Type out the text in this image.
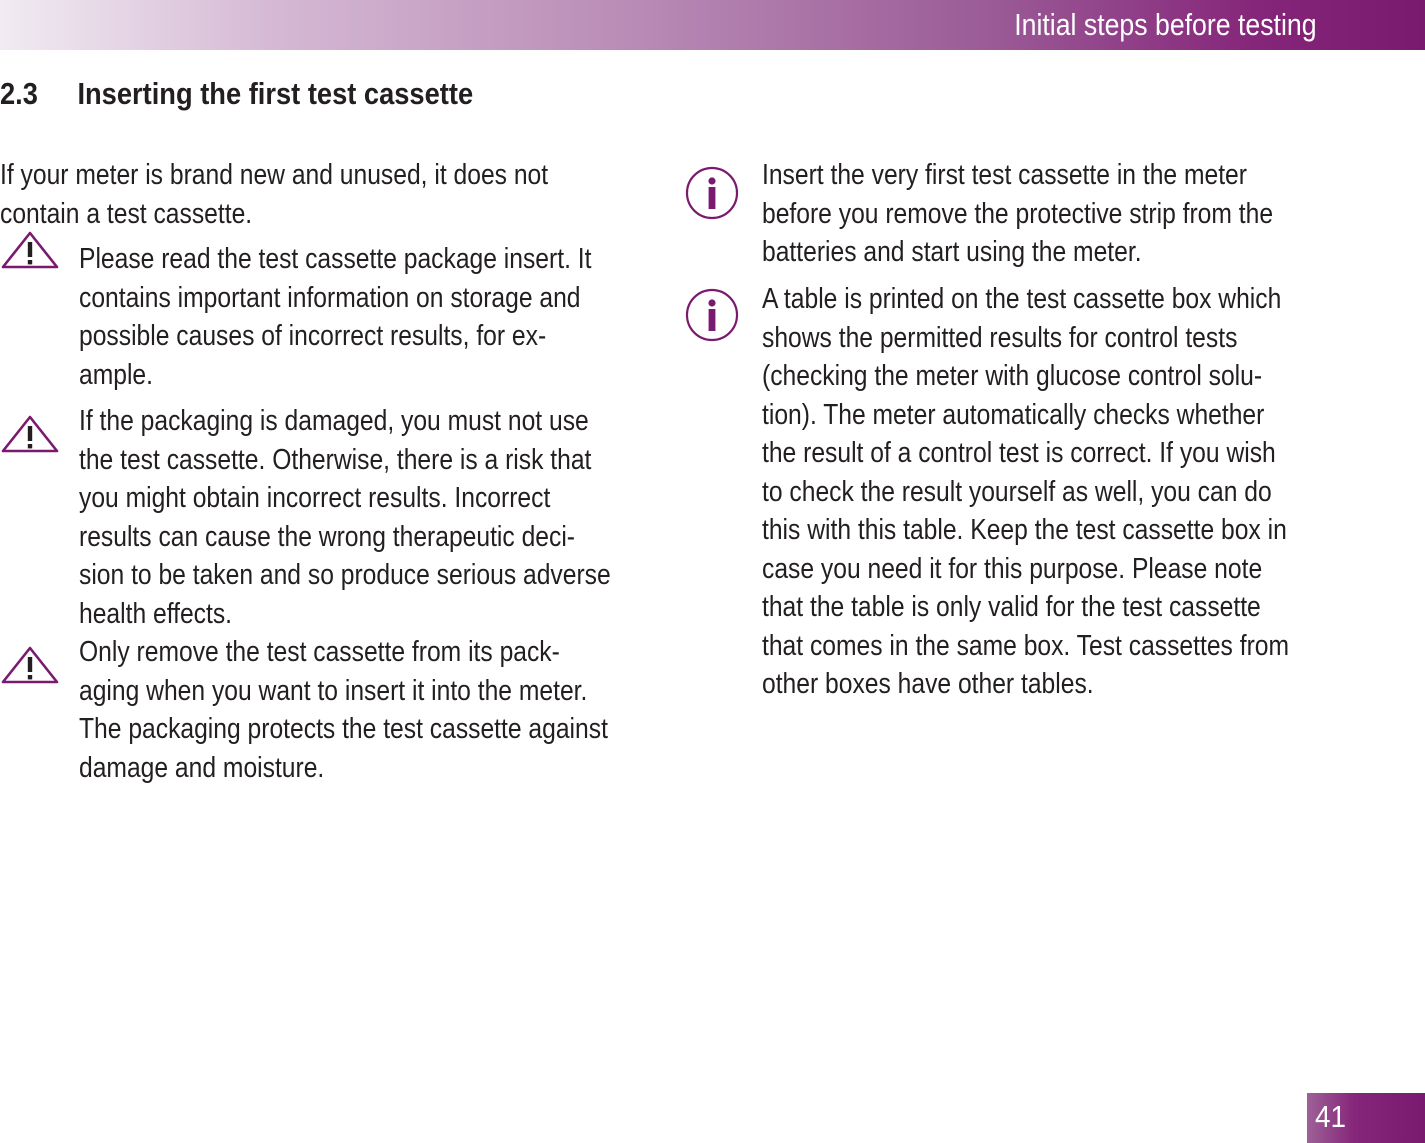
Initial steps before testing
2.3 Inserting the first test cassette
If your meter is brand new and unused, it does not
contain a test cassette.
Please read the test cassette package insert. It
contains important information on storage and
possible causes of incorrect results, for ex-
ample.
If the packaging is damaged, you must not use
the test cassette. Otherwise, there is a risk that
you might obtain incorrect results. Incorrect
results can cause the wrong therapeutic deci-
sion to be taken and so produce serious adverse
health effects.
Only remove the test cassette from its pack-
aging when you want to insert it into the meter.
The packaging protects the test cassette against
damage and moisture.
Insert the very first test cassette in the meter
before you remove the protective strip from the
batteries and start using the meter.
A table is printed on the test cassette box which
shows the permitted results for control tests
(checking the meter with glucose control solu-
tion). The meter automatically checks whether
the result of a control test is correct. If you wish
to check the result yourself as well, you can do
this with this table. Keep the test cassette box in
case you need it for this purpose. Please note
that the table is only valid for the test cassette
that comes in the same box. Test cassettes from
other boxes have other tables.
41
